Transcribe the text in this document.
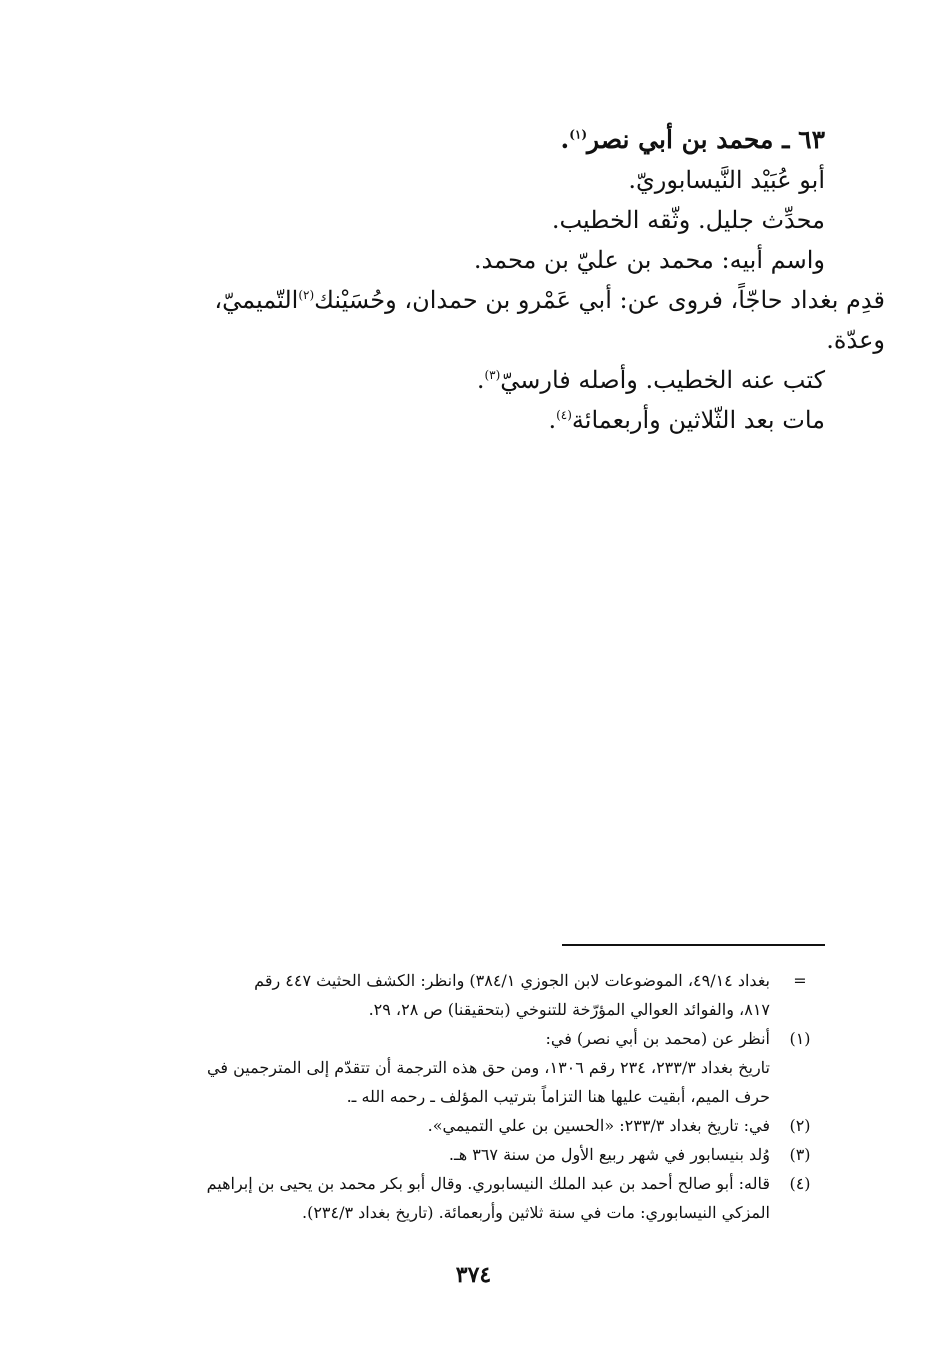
٦٣ ـ محمد بن أبي نصر$^{(١)}$.
أبو عُبَيْد النَّيسابوريّ.
محدِّث جليل. وثّقه الخطيب.
واسم أبيه: محمد بن عليّ بن محمد.
قدِم بغداد حاجّاً، فروى عن: أبي عَمْرو بن حمدان، وحُسَيْنك$^{(٢)}$التّميميّ،
وعدّة.
كتب عنه الخطيب. وأصله فارسيّ$^{(٣)}$.
مات بعد الثّلاثين وأربعمائة$^{(٤)}$.
=
بغداد ٤٩/١٤، الموضوعات لابن الجوزي ٣٨٤/١) وانظر: الكشف الحثيث ٤٤٧ رقم
٨١٧، والفوائد العوالي المؤرّخة للتنوخي (بتحقيقنا) ص ٢٨، ٢٩.
(١)
أنظر عن (محمد بن أبي نصر) في:
تاريخ بغداد ٢٣٣/٣، ٢٣٤ رقم ١٣٠٦، ومن حق هذه الترجمة أن تتقدّم إلى المترجمين في
حرف الميم، أبقيت عليها هنا التزاماً بترتيب المؤلف ـ رحمه الله ـ.
(٢)
في: تاريخ بغداد ٢٣٣/٣: «الحسين بن علي التميمي».
(٣)
وُلد بنيسابور في شهر ربيع الأول من سنة ٣٦٧ هـ.
(٤)
قاله: أبو صالح أحمد بن عبد الملك النيسابوري. وقال أبو بكر محمد بن يحيى بن إبراهيم
المزكي النيسابوري: مات في سنة ثلاثين وأربعمائة. (تاريخ بغداد ٢٣٤/٣).
٣٧٤
